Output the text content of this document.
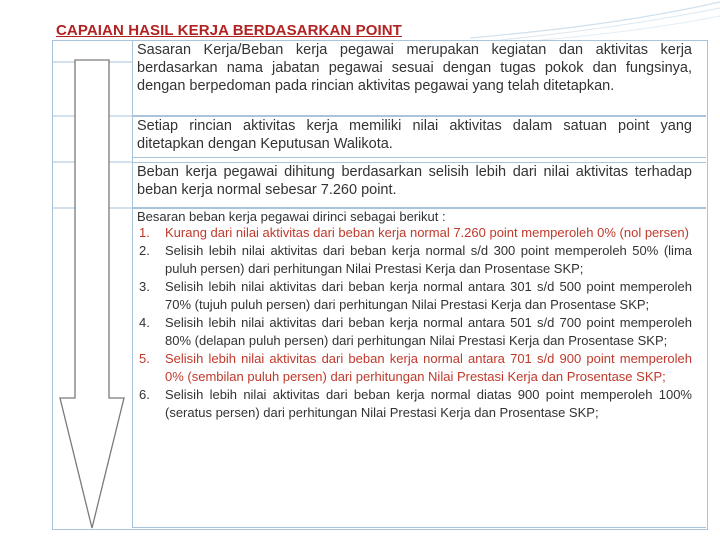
CAPAIAN HASIL KERJA BERDASARKAN POINT

Sasaran Kerja/Beban kerja pegawai merupakan kegiatan dan aktivitas kerja berdasarkan nama jabatan pegawai sesuai dengan tugas pokok dan fungsinya, dengan berpedoman pada rincian aktivitas pegawai yang telah ditetapkan.

Setiap rincian aktivitas kerja memiliki nilai aktivitas dalam satuan point yang ditetapkan dengan Keputusan Walikota.

Beban kerja pegawai dihitung berdasarkan selisih lebih dari nilai aktivitas terhadap beban kerja normal sebesar 7.260 point.

Besaran beban kerja pegawai dirinci sebagai berikut :

1. Kurang dari nilai aktivitas dari beban kerja normal 7.260 point memperoleh 0% (nol persen)
2. Selisih lebih nilai aktivitas dari beban kerja normal s/d 300 point memperoleh 50% (lima puluh persen) dari perhitungan Nilai Prestasi Kerja dan Prosentase SKP;
3. Selisih lebih nilai aktivitas dari beban kerja normal antara 301 s/d 500 point memperoleh 70% (tujuh puluh persen) dari perhitungan Nilai Prestasi Kerja dan Prosentase SKP;
4. Selisih lebih nilai aktivitas dari beban kerja normal antara 501 s/d 700 point memperoleh 80% (delapan puluh persen) dari perhitungan Nilai Prestasi Kerja dan Prosentase SKP;
5. Selisih lebih nilai aktivitas dari beban kerja normal antara 701 s/d 900 point memperoleh 0% (sembilan puluh persen) dari perhitungan Nilai Prestasi Kerja dan Prosentase SKP;
6. Selisih lebih nilai aktivitas dari beban kerja normal diatas 900 point memperoleh 100% (seratus persen) dari perhitungan Nilai Prestasi Kerja dan Prosentase SKP;
